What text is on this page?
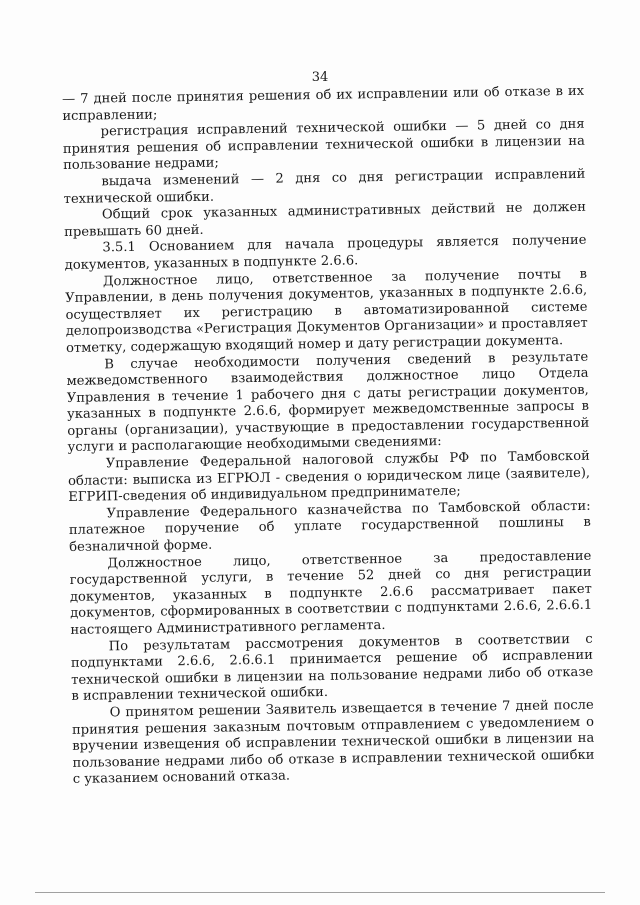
34

— 7 дней после принятия решения об их исправлении или об отказе в их исправлении;

регистрация исправлений технической ошибки — 5 дней со дня принятия решения об исправлении технической ошибки в лицензии на пользование недрами;

выдача изменений — 2 дня со дня регистрации исправлений технической ошибки.

Общий срок указанных административных действий не должен превышать 60 дней.

3.5.1 Основанием для начала процедуры является получение документов, указанных в подпункте 2.6.6.

Должностное лицо, ответственное за получение почты в Управлении, в день получения документов, указанных в подпункте 2.6.6, осуществляет их регистрацию в автоматизированной системе делопроизводства «Регистрация Документов Организации» и проставляет отметку, содержащую входящий номер и дату регистрации документа.

В случае необходимости получения сведений в результате межведомственного взаимодействия должностное лицо Отдела Управления в течение 1 рабочего дня с даты регистрации документов, указанных в подпункте 2.6.6, формирует межведомственные запросы в органы (организации), участвующие в предоставлении государственной услуги и располагающие необходимыми сведениями:

Управление Федеральной налоговой службы РФ по Тамбовской области: выписка из ЕГРЮЛ - сведения о юридическом лице (заявителе), ЕГРИП-сведения об индивидуальном предпринимателе;

Управление Федерального казначейства по Тамбовской области: платежное поручение об уплате государственной пошлины в безналичной форме.

Должностное лицо, ответственное за предоставление государственной услуги, в течение 52 дней со дня регистрации документов, указанных в подпункте 2.6.6 рассматривает пакет документов, сформированных в соответствии с подпунктами 2.6.6, 2.6.6.1 настоящего Административного регламента.

По результатам рассмотрения документов в соответствии с подпунктами 2.6.6, 2.6.6.1 принимается решение об исправлении технической ошибки в лицензии на пользование недрами либо об отказе в исправлении технической ошибки.

О принятом решении Заявитель извещается в течение 7 дней после принятия решения заказным почтовым отправлением с уведомлением о вручении извещения об исправлении технической ошибки в лицензии на пользование недрами либо об отказе в исправлении технической ошибки с указанием оснований отказа.
